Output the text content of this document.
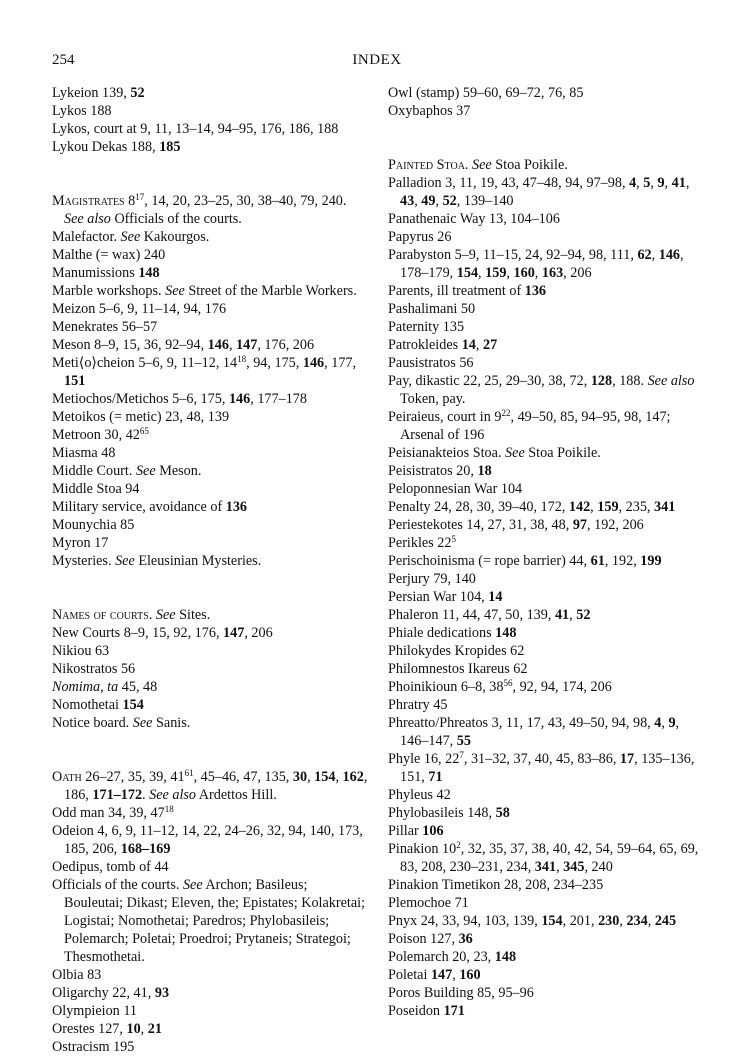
254	INDEX
Lykeion 139, 52
Lykos 188
Lykos, court at 9, 11, 13–14, 94–95, 176, 186, 188
Lykou Dekas 188, 185
Magistrates $8^{17}$, 14, 20, 23–25, 30, 38–40, 79, 240. See also Officials of the courts.
Malefactor. See Kakourgos.
Malthe (= wax) 240
Manumissions 148
Marble workshops. See Street of the Marble Workers.
Meizon 5–6, 9, 11–14, 94, 176
Menekrates 56–57
Meson 8–9, 15, 36, 92–94, 146, 147, 176, 206
Meti⟨o⟩cheion 5–6, 9, 11–12, $14^{18}$, 94, 175, 146, 177, 151
Metiochos/Metichos 5–6, 175, 146, 177–178
Metoikos (= metic) 23, 48, 139
Metroon 30, $42^{65}$
Miasma 48
Middle Court. See Meson.
Middle Stoa 94
Military service, avoidance of 136
Mounychia 85
Myron 17
Mysteries. See Eleusinian Mysteries.
Names of courts. See Sites.
New Courts 8–9, 15, 92, 176, 147, 206
Nikiou 63
Nikostratos 56
Nomima, ta 45, 48
Nomothetai 154
Notice board. See Sanis.
Oath 26–27, 35, 39, $41^{61}$, 45–46, 47, 135, 30, 154, 162, 186, 171–172. See also Ardettos Hill.
Odd man 34, 39, $47^{18}$
Odeion 4, 6, 9, 11–12, 14, 22, 24–26, 32, 94, 140, 173, 185, 206, 168–169
Oedipus, tomb of 44
Officials of the courts. See Archon; Basileus; Bouleutai; Dikast; Eleven, the; Epistates; Kolakretai; Logistai; Nomothetai; Paredros; Phylobasileis; Polemarch; Poletai; Proedroi; Prytaneis; Strategoi; Thesmothetai.
Olbia 83
Oligarchy 22, 41, 93
Olympieion 11
Orestes 127, 10, 21
Ostracism 195
Owl (stamp) 59–60, 69–72, 76, 85
Oxybaphos 37
Painted Stoa. See Stoa Poikile.
Palladion 3, 11, 19, 43, 47–48, 94, 97–98, 4, 5, 9, 41, 43, 49, 52, 139–140
Panathenaic Way 13, 104–106
Papyrus 26
Parabyston 5–9, 11–15, 24, 92–94, 98, 111, 62, 146, 178–179, 154, 159, 160, 163, 206
Parents, ill treatment of 136
Pashalimani 50
Paternity 135
Patrokleides 14, 27
Pausistratos 56
Pay, dikastic 22, 25, 29–30, 38, 72, 128, 188. See also Token, pay.
Peiraieus, court in $9^{22}$, 49–50, 85, 94–95, 98, 147; Arsenal of 196
Peisianakteios Stoa. See Stoa Poikile.
Peisistratos 20, 18
Peloponnesian War 104
Penalty 24, 28, 30, 39–40, 172, 142, 159, 235, 341
Periestekotes 14, 27, 31, 38, 48, 97, 192, 206
Perikles $22^5$
Perischoinisma (= rope barrier) 44, 61, 192, 199
Perjury 79, 140
Persian War 104, 14
Phaleron 11, 44, 47, 50, 139, 41, 52
Phiale dedications 148
Philokydes Kropides 62
Philomnestos Ikareus 62
Phoinikioun 6–8, $38^{56}$, 92, 94, 174, 206
Phratry 45
Phreatto/Phreatos 3, 11, 17, 43, 49–50, 94, 98, 4, 9, 146–147, 55
Phyle 16, $22^7$, 31–32, 37, 40, 45, 83–86, 17, 135–136, 151, 71
Phyleus 42
Phylobasileis 148, 58
Pillar 106
Pinakion $10^2$, 32, 35, 37, 38, 40, 42, 54, 59–64, 65, 69, 83, 208, 230–231, 234, 341, 345, 240
Pinakion Timetikon 28, 208, 234–235
Plemochoe 71
Pnyx 24, 33, 94, 103, 139, 154, 201, 230, 234, 245
Poison 127, 36
Polemarch 20, 23, 148
Poletai 147, 160
Poros Building 85, 95–96
Poseidon 171
